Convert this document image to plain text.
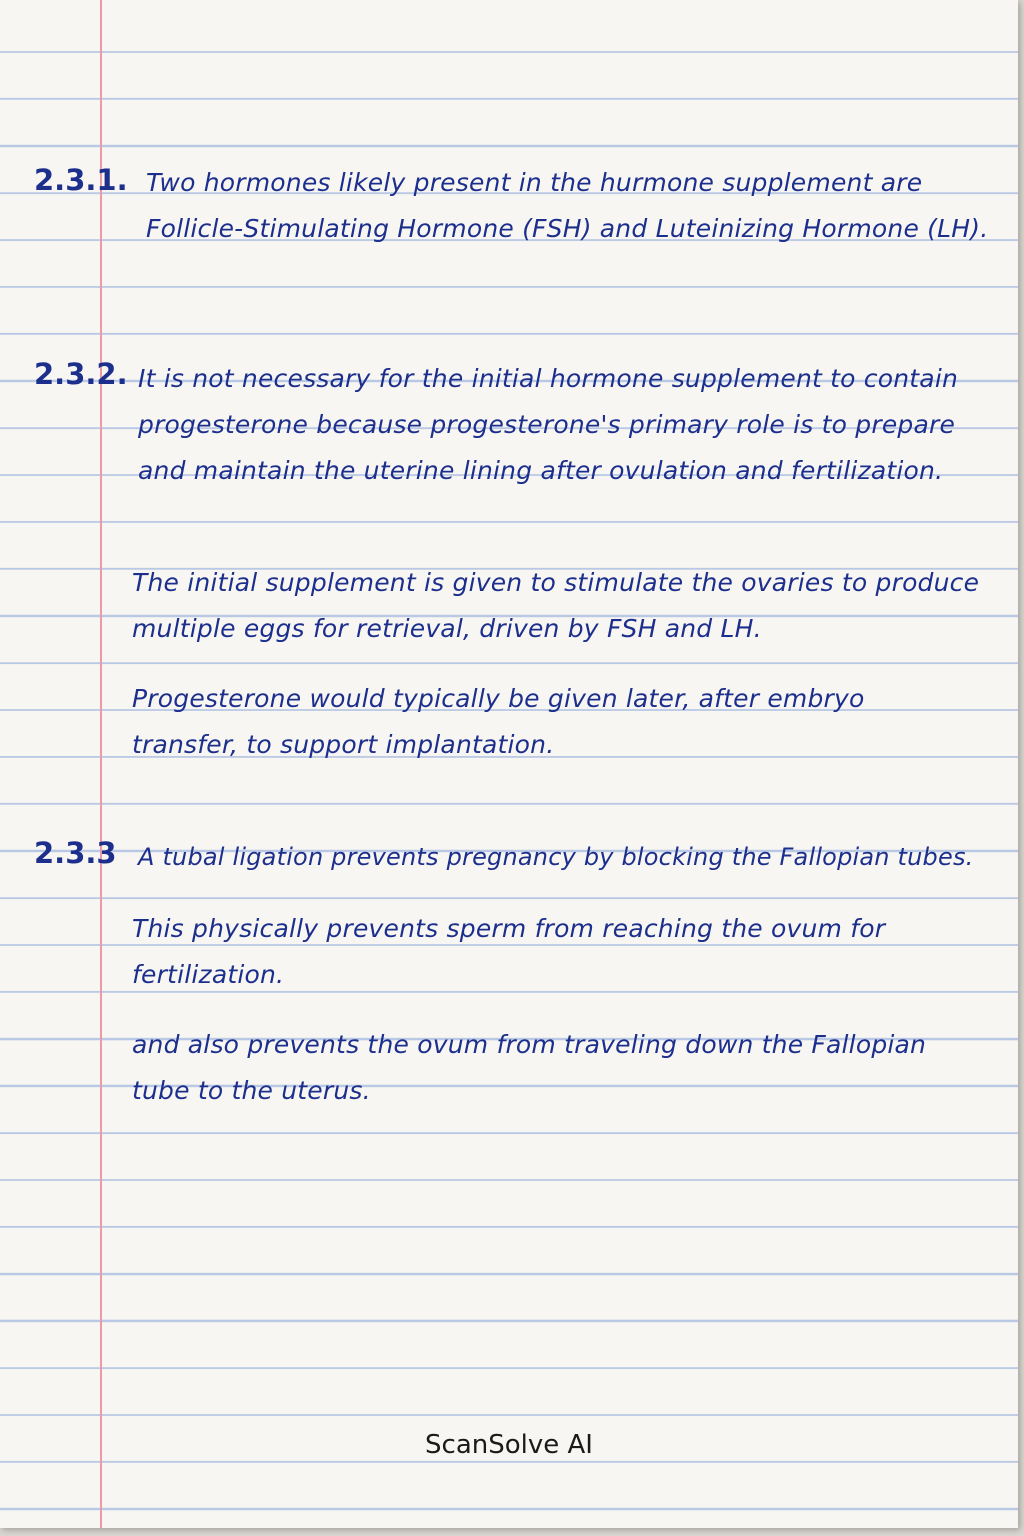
2.3.1. Two hormones likely present in the hurmone supplement are Follicle-Stimulating Hormone (FSH) and Luteinizing Hormone (LH).

2.3.2. It is not necessary for the initial hormone supplement to contain progesterone because progesterone's primary role is to prepare and maintain the uterine lining after ovulation and fertilization.

The initial supplement is given to stimulate the ovaries to produce multiple eggs for retrieval, driven by FSH and LH.

Progesterone would typically be given later, after embryo transfer, to support implantation.

2.3.3 A tubal ligation prevents pregnancy by blocking the Fallopian tubes.

This physically prevents sperm from reaching the ovum for fertilization.

and also prevents the ovum from traveling down the Fallopian tube to the uterus.

ScanSolve AI
